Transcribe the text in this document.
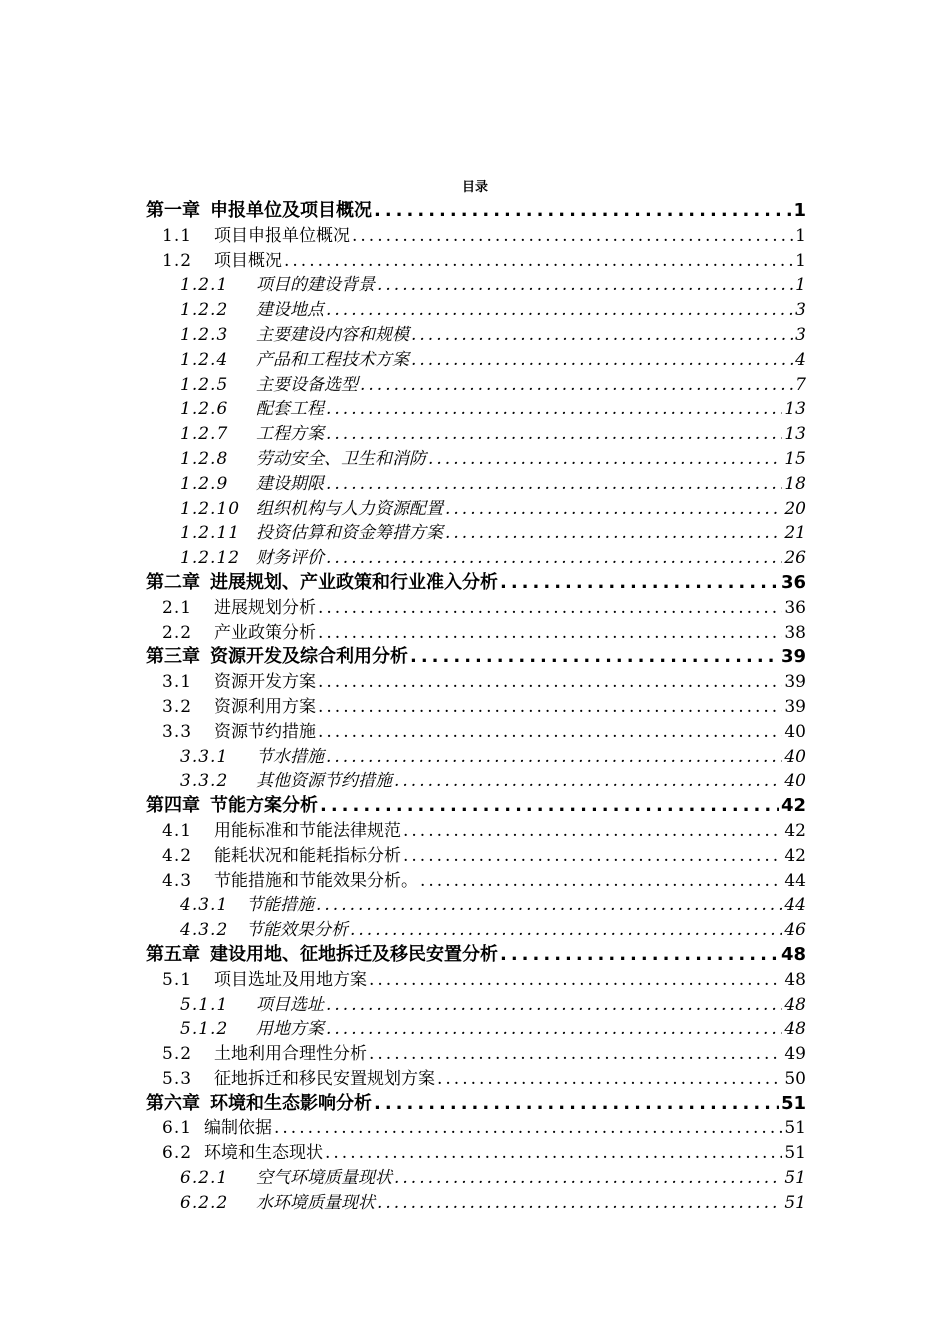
目录
第一章 申报单位及项目概况 .....	1
1.1 项目申报单位概况 .....	1
1.2 项目概况 .....	1
1.2.1 项目的建设背景 .....	1
1.2.2 建设地点 .....	3
1.2.3 主要建设内容和规模 .....	3
1.2.4 产品和工程技术方案 .....	4
1.2.5 主要设备选型 .....	7
1.2.6 配套工程 .....	13
1.2.7 工程方案 .....	13
1.2.8 劳动安全、卫生和消防 .....	15
1.2.9 建设期限 .....	18
1.2.10 组织机构与人力资源配置 .....	20
1.2.11 投资估算和资金筹措方案 .....	21
1.2.12 财务评价 .....	26
第二章 进展规划、产业政策和行业准入分析 .....	36
2.1 进展规划分析 .....	36
2.2 产业政策分析 .....	38
第三章 资源开发及综合利用分析 .....	39
3.1 资源开发方案 .....	39
3.2 资源利用方案 .....	39
3.3 资源节约措施 .....	40
3.3.1 节水措施 .....	40
3.3.2 其他资源节约措施 .....	40
第四章 节能方案分析 .....	42
4.1 用能标准和节能法律规范 .....	42
4.2 能耗状况和能耗指标分析 .....	42
4.3 节能措施和节能效果分析。 .....	44
4.3.1 节能措施 .....	44
4.3.2 节能效果分析 .....	46
第五章 建设用地、征地拆迁及移民安置分析 .....	48
5.1 项目选址及用地方案 .....	48
5.1.1 项目选址 .....	48
5.1.2 用地方案 .....	48
5.2 土地利用合理性分析 .....	49
5.3 征地拆迁和移民安置规划方案 .....	50
第六章 环境和生态影响分析 .....	51
6.1 编制依据 .....	51
6.2 环境和生态现状 .....	51
6.2.1 空气环境质量现状 .....	51
6.2.2 水环境质量现状 .....	51
